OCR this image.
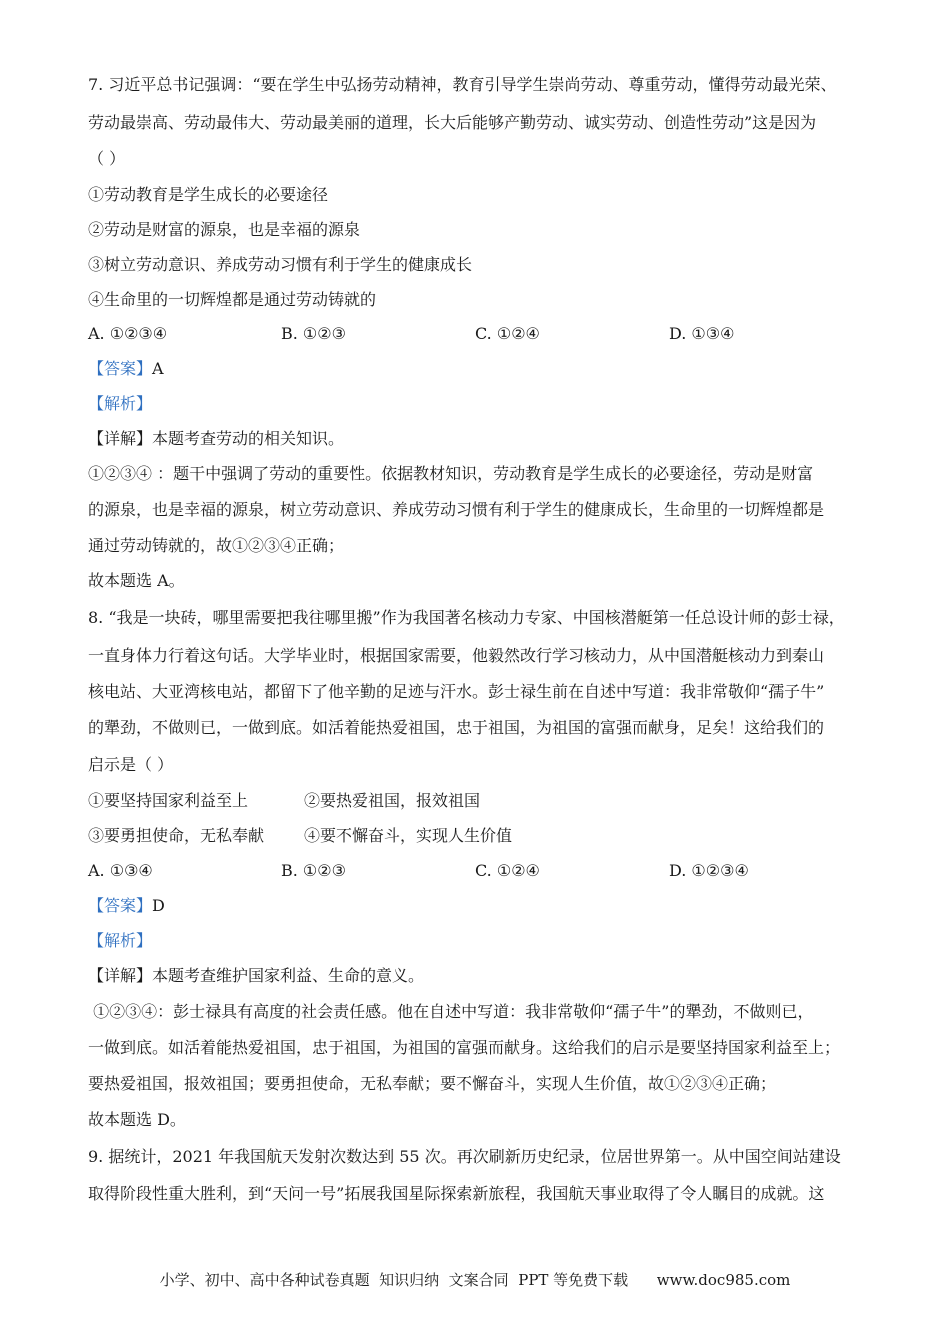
7. 习近平总书记强调：“要在学生中弘扬劳动精神，教育引导学生崇尚劳动、尊重劳动，懂得劳动最光荣、
劳动最崇高、劳动最伟大、劳动最美丽的道理，长大后能够产勤劳动、诚实劳动、创造性劳动”这是因为
（ ）
①劳动教育是学生成长的必要途径
②劳动是财富的源泉，也是幸福的源泉
③树立劳动意识、养成劳动习惯有利于学生的健康成长
④生命里的一切辉煌都是通过劳动铸就的
A. ①②③④	B. ①②③	C. ①②④	D. ①③④
【答案】A
【解析】
【详解】本题考查劳动的相关知识。
①②③④ ：题干中强调了劳动的重要性。依据教材知识，劳动教育是学生成长的必要途径，劳动是财富
的源泉，也是幸福的源泉，树立劳动意识、养成劳动习惯有利于学生的健康成长，生命里的一切辉煌都是
通过劳动铸就的，故①②③④正确；
故本题选 A。
8. “我是一块砖，哪里需要把我往哪里搬”作为我国著名核动力专家、中国核潜艇第一任总设计师的彭士禄，
一直身体力行着这句话。大学毕业时，根据国家需要，他毅然改行学习核动力，从中国潜艇核动力到秦山
核电站、大亚湾核电站，都留下了他辛勤的足迹与汗水。彭士禄生前在自述中写道：我非常敬仰“孺子牛”
的犟劲，不做则已，一做到底。如活着能热爱祖国，忠于祖国，为祖国的富强而献身，足矣！这给我们的
启示是（ ）
①要坚持国家利益至上	②要热爱祖国，报效祖国
③要勇担使命，无私奉献 ④要不懈奋斗，实现人生价值
A. ①③④	B. ①②③	C. ①②④	D. ①②③④
【答案】D
【解析】
【详解】本题考查维护国家利益、生命的意义。
①②③④：彭士禄具有高度的社会责任感。他在自述中写道：我非常敬仰“孺子牛”的犟劲，不做则已，
一做到底。如活着能热爱祖国，忠于祖国，为祖国的富强而献身。这给我们的启示是要坚持国家利益至上；
要热爱祖国，报效祖国；要勇担使命，无私奉献；要不懈奋斗，实现人生价值，故①②③④正确；
故本题选 D。
9. 据统计，2021 年我国航天发射次数达到 55 次。再次刷新历史纪录，位居世界第一。从中国空间站建设
取得阶段性重大胜利，到“天问一号”拓展我国星际探索新旅程，我国航天事业取得了令人瞩目的成就。这
小学、初中、高中各种试卷真题  知识归纳  文案合同  PPT 等免费下载      www.doc985.com
